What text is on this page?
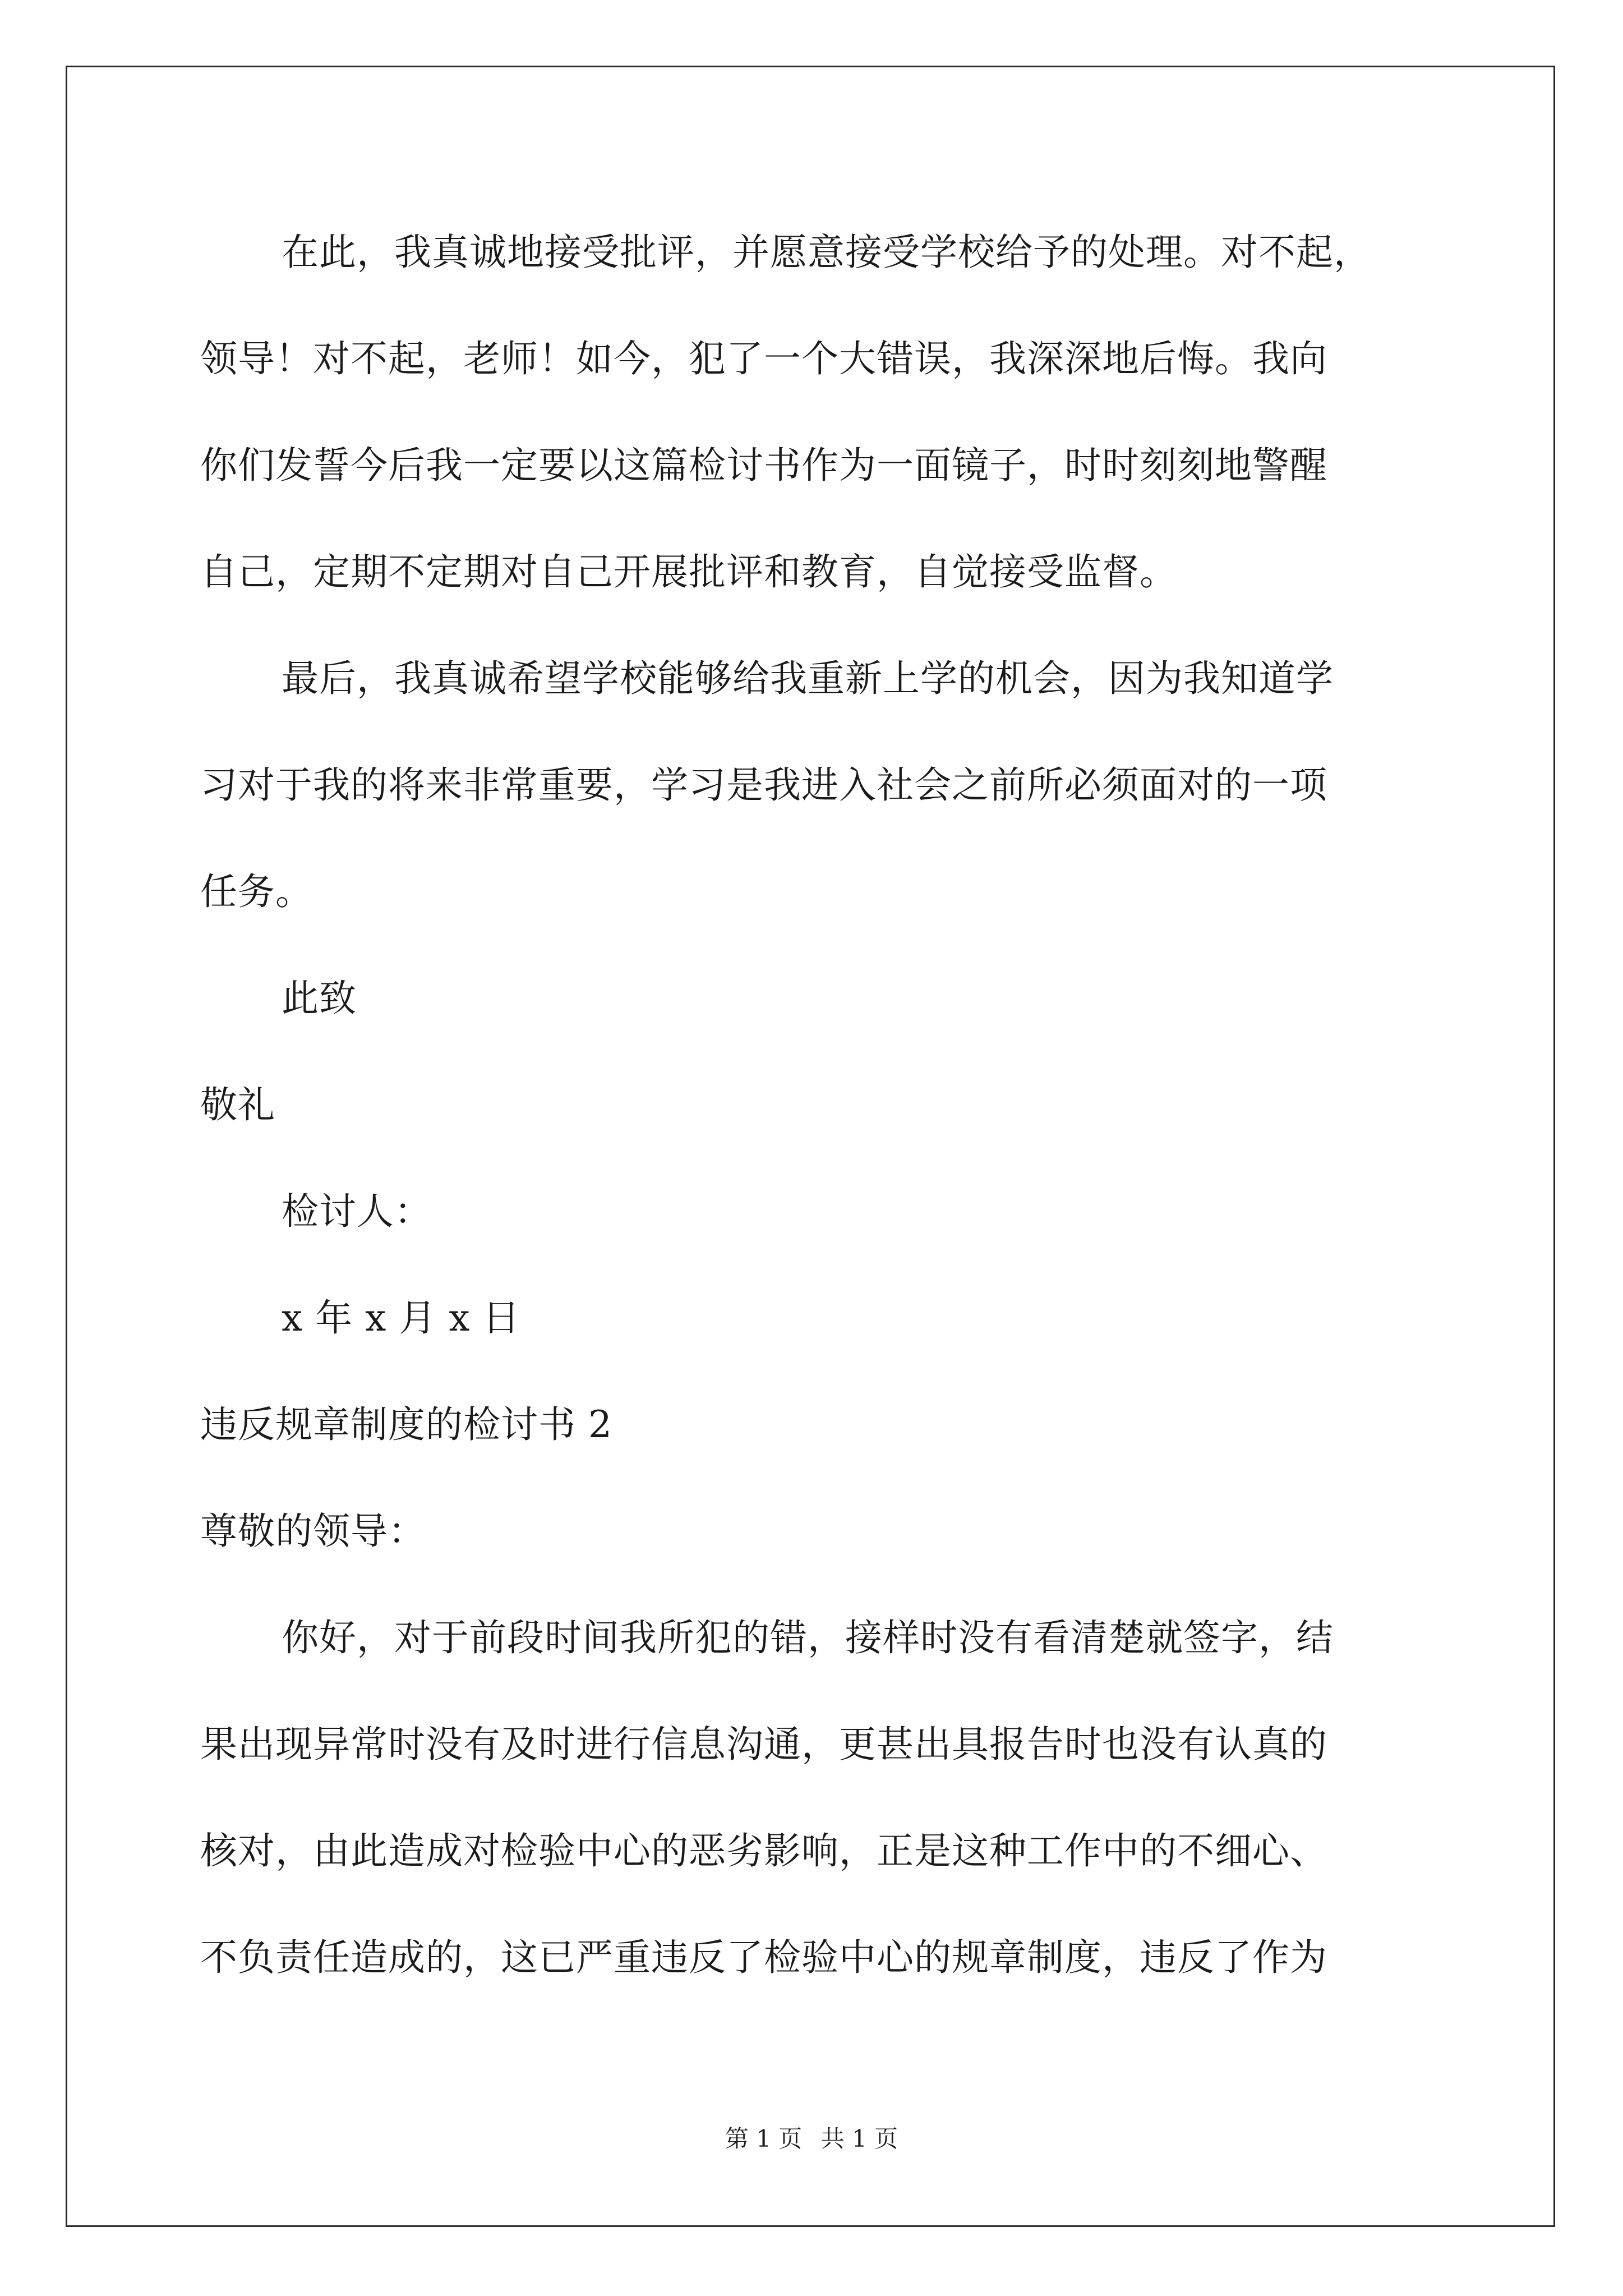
在此，我真诚地接受批评，并愿意接受学校给予的处理。对不起，
领导！对不起，老师！如今，犯了一个大错误，我深深地后悔。我向
你们发誓今后我一定要以这篇检讨书作为一面镜子，时时刻刻地警醒
自己，定期不定期对自己开展批评和教育，自觉接受监督。
最后，我真诚希望学校能够给我重新上学的机会，因为我知道学
习对于我的将来非常重要，学习是我进入社会之前所必须面对的一项
任务。
此致
敬礼
检讨人：
x 年 x 月 x 日
违反规章制度的检讨书 2
尊敬的领导：
你好，对于前段时间我所犯的错，接样时没有看清楚就签字，结
果出现异常时没有及时进行信息沟通，更甚出具报告时也没有认真的
核对，由此造成对检验中心的恶劣影响，正是这种工作中的不细心、
不负责任造成的，这已严重违反了检验中心的规章制度，违反了作为
第 1 页 共 1 页
